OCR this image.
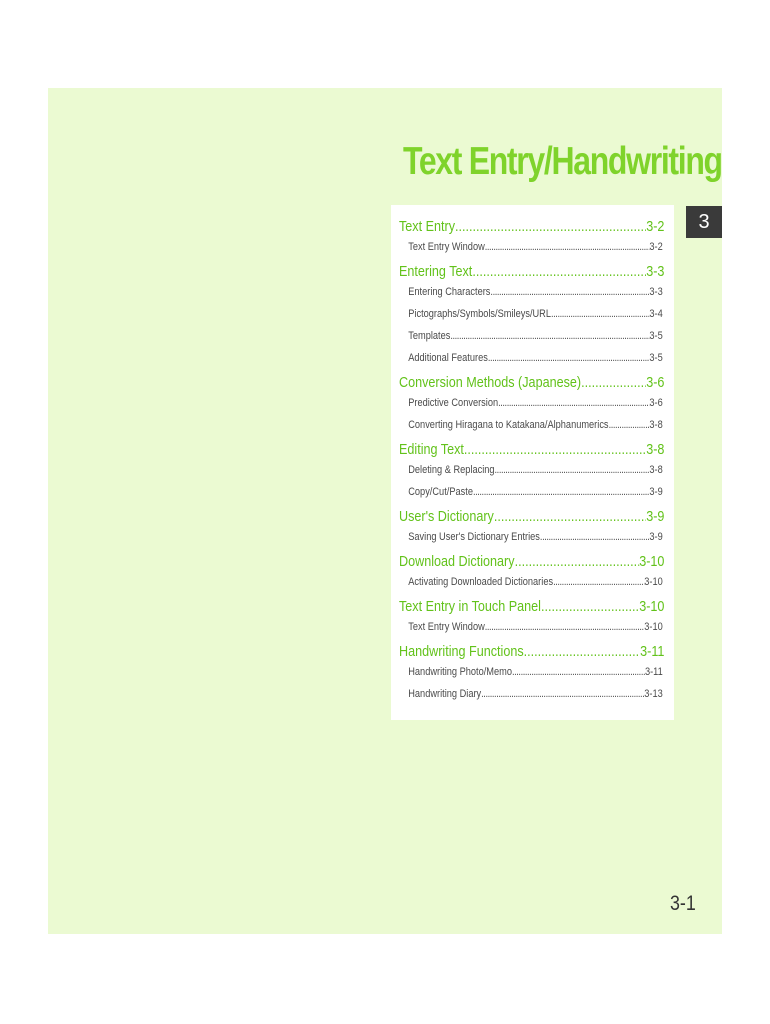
Text Entry/Handwriting
3
Text Entry .....	3-2
Text Entry Window .....	3-2
Entering Text .....	3-3
Entering Characters .....	3-3
Pictographs/Symbols/Smileys/URL .....	3-4
Templates .....	3-5
Additional Features .....	3-5
Conversion Methods (Japanese) .....	3-6
Predictive Conversion .....	3-6
Converting Hiragana to Katakana/Alphanumerics .....	3-8
Editing Text .....	3-8
Deleting & Replacing .....	3-8
Copy/Cut/Paste .....	3-9
User's Dictionary .....	3-9
Saving User's Dictionary Entries .....	3-9
Download Dictionary .....	3-10
Activating Downloaded Dictionaries .....	3-10
Text Entry in Touch Panel .....	3-10
Text Entry Window .....	3-10
Handwriting Functions .....	3-11
Handwriting Photo/Memo .....	3-11
Handwriting Diary .....	3-13

3-1
